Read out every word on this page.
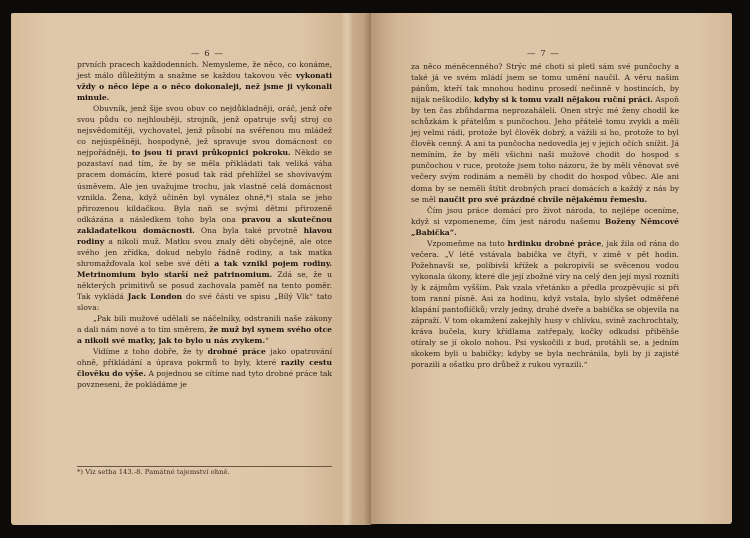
— 6 —

prvních pracech každodenních. Nemysleme, že něco, co konáme, jest málo důležitým a snažme se každou takovou věc vykonati vždy o něco lépe a o něco dokonaleji, než jsme ji vykonali minule.

Obuvník, jenž šije svou obuv co nejdůkladněji, oráč, jenž oře svou půdu co nejhlouběji, strojník, jenž opatruje svůj stroj co nejsvědomitěji, vychovatel, jenž působí na svěřenou mu mládež co nejúspěšněji, hospodyně, jež spravuje svou domácnost co nejpořádněji, to jsou ti pravi průkopnici pokroku. Někdo se pozastaví nad tím, že by se měla přikládati tak veliká váha pracem domácím, které posud tak rád přehlížel se shovívavým úsměvem. Ale jen uvažujme trochu, jak vlastně celá domácnost vznikla. Žena, když učiněn byl vynález ohně,*) stala se jeho přirozenou kildačkou. Byla naň se svými dětmi přirozeně odkázána a následkem toho byla ona pravou a skutečnou zakladatelkou domácnosti. Ona byla také prvotně hlavou rodiny a nikoli muž. Matku svou znaly děti obyčejně, ale otce svého jen zřídka, dokud nebylo řádně rodiny, a tak matka shromažďovala kol sebe své děti a tak vznikl pojem rodiny. Metrinomium bylo starší než patrinomium. Zdá se, že u některých primitivů se posud zachovala paměť na tento poměr. Tak vykládá Jack London do své části ve spisu „Bílý Vlk“ tato slova:

„Pak bili mužové udělali se náčelníky, odstranili naše zákony a dali nám nové a to tím směrem, že muž byl synem svého otce a nikoli své matky, jak to bylo u nás zvykem.“

Vidíme z toho dobře, že ty drobné práce jako opatrování ohně, přikládání a úprava pokrmů to byly, které razily cestu člověku do výše. A pojednou se cítíme nad tyto drobné práce tak povzneseni, že pokládáme je

*) Viz setba 143.-8. Památné tajemství ohně.
— 7 —

za něco méněcenného? Strýc mé choti si pletl sám své punčochy a také já ve svém mládí jsem se tomu umění naučil. A věru našim pánům, kteří tak mnohou hodinu prosedí nečinně v hostincích, by nijak neškodilo, kdyby si k tomu vzali nějakou ruční práci. Aspoň by ten čas zbůhdarma neprozahálelí. Onen strýc mé ženy chodil ke schůzkám k přátelům s punčochou. Jeho přátelé tomu zvykli a měli jej velmi rádi, protože byl člověk dobrý, a vážili si ho, protože to byl člověk cenný. A ani ta punčocha nedovedla jej v jejich očích snížit. Já nemíním, že by měli všichni naši mužové chodit do hospod s punčochou v ruce, protože jsem toho názoru, že by měli věnovat své večery svým rodinám a neměli by chodit do hospod vůbec. Ale ani doma by se neměli štítit drobných prací domácích a každý z nás by se měl naučit pro své prázdné chvíle nějakému řemeslu.

Čím jsou práce domácí pro život národa, to nejlépe oceníme, když si vzpomeneme, čím jest národu našemu Boženy Němcové „Babička“.

Vzpomeňme na tuto hrdinku drobné práce, jak žila od rána do večera. „V létě vstávala babička ve čtyři, v zimě v pět hodin. Požehnavši se, políbivši křížek a pokropivši se svěcenou vodou vykonala úkony, které dle její zbožné víry na celý den její mysl rozníti ly k zájmům vyšším. Pak vzala vřetánko a předla prozpěvujíc si při tom ranní písně. Asi za hodinu, když vstala, bylo slyšet odměřené klapání pantoflíčků; vrzly jedny, druhé dveře a babička se objevila na zápraží. V tom okamžení zakejhly husy v chlívku, svině zachrochtaly, kráva bučela, kury křídlama zatřepaly, kočky odkudsi přiběhše otíraly se jí okolo nohou. Psi vyskočili z bud, protáhli se, a jedním skokem byli u babičky; kdyby se byla nechránila, byli by ji zajisté porazili a ošatku pro drůbež z rukou vyrazili.“
